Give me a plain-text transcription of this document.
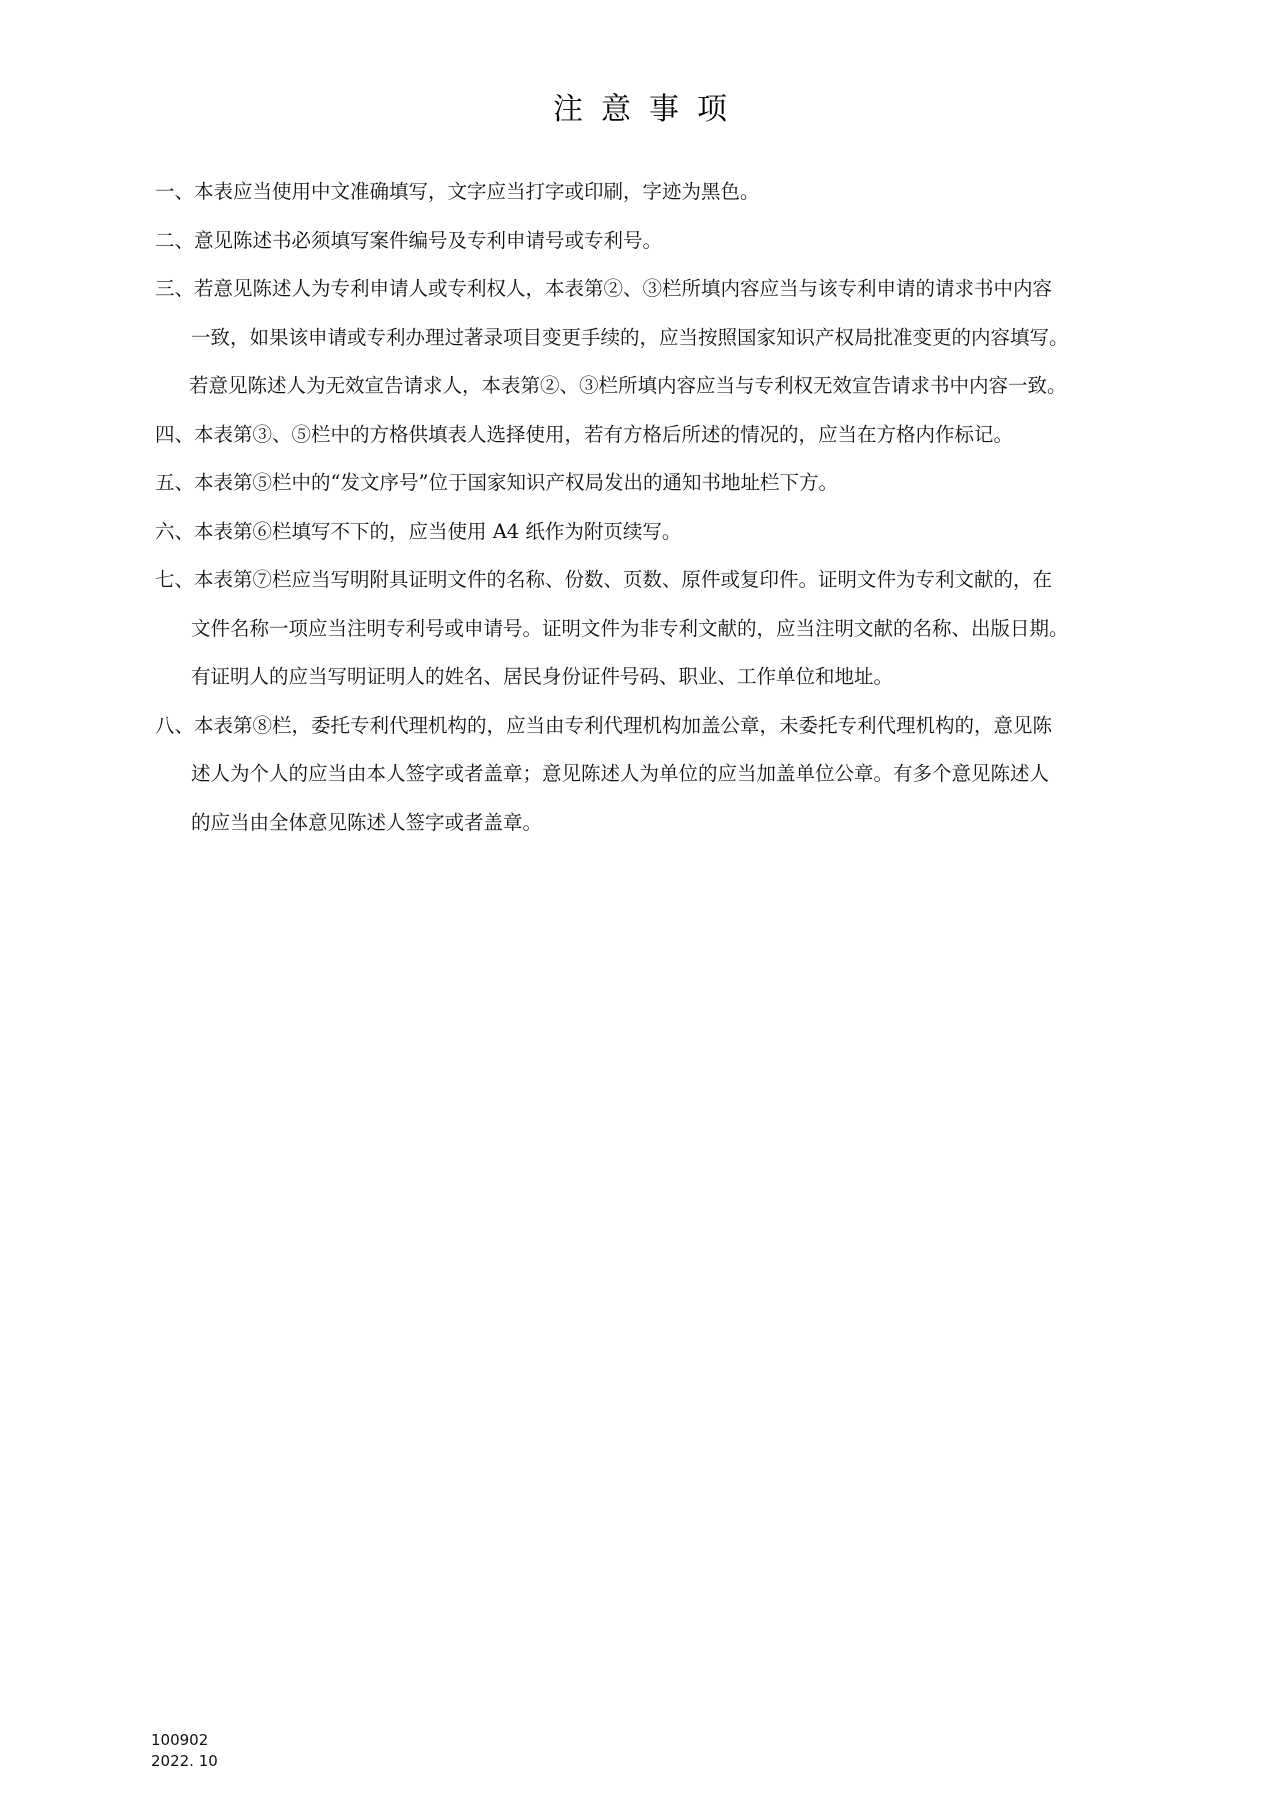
注意事项
一、本表应当使用中文准确填写，文字应当打字或印刷，字迹为黑色。
二、意见陈述书必须填写案件编号及专利申请号或专利号。
三、若意见陈述人为专利申请人或专利权人，本表第②、③栏所填内容应当与该专利申请的请求书中内容
一致，如果该申请或专利办理过著录项目变更手续的，应当按照国家知识产权局批准变更的内容填写。
若意见陈述人为无效宣告请求人，本表第②、③栏所填内容应当与专利权无效宣告请求书中内容一致。
四、本表第③、⑤栏中的方格供填表人选择使用，若有方格后所述的情况的，应当在方格内作标记。
五、本表第⑤栏中的“发文序号”位于国家知识产权局发出的通知书地址栏下方。
六、本表第⑥栏填写不下的，应当使用 A4 纸作为附页续写。
七、本表第⑦栏应当写明附具证明文件的名称、份数、页数、原件或复印件。证明文件为专利文献的，在
文件名称一项应当注明专利号或申请号。证明文件为非专利文献的，应当注明文献的名称、出版日期。
有证明人的应当写明证明人的姓名、居民身份证件号码、职业、工作单位和地址。
八、本表第⑧栏，委托专利代理机构的，应当由专利代理机构加盖公章，未委托专利代理机构的，意见陈
述人为个人的应当由本人签字或者盖章；意见陈述人为单位的应当加盖单位公章。有多个意见陈述人
的应当由全体意见陈述人签字或者盖章。
100902
2022. 10
